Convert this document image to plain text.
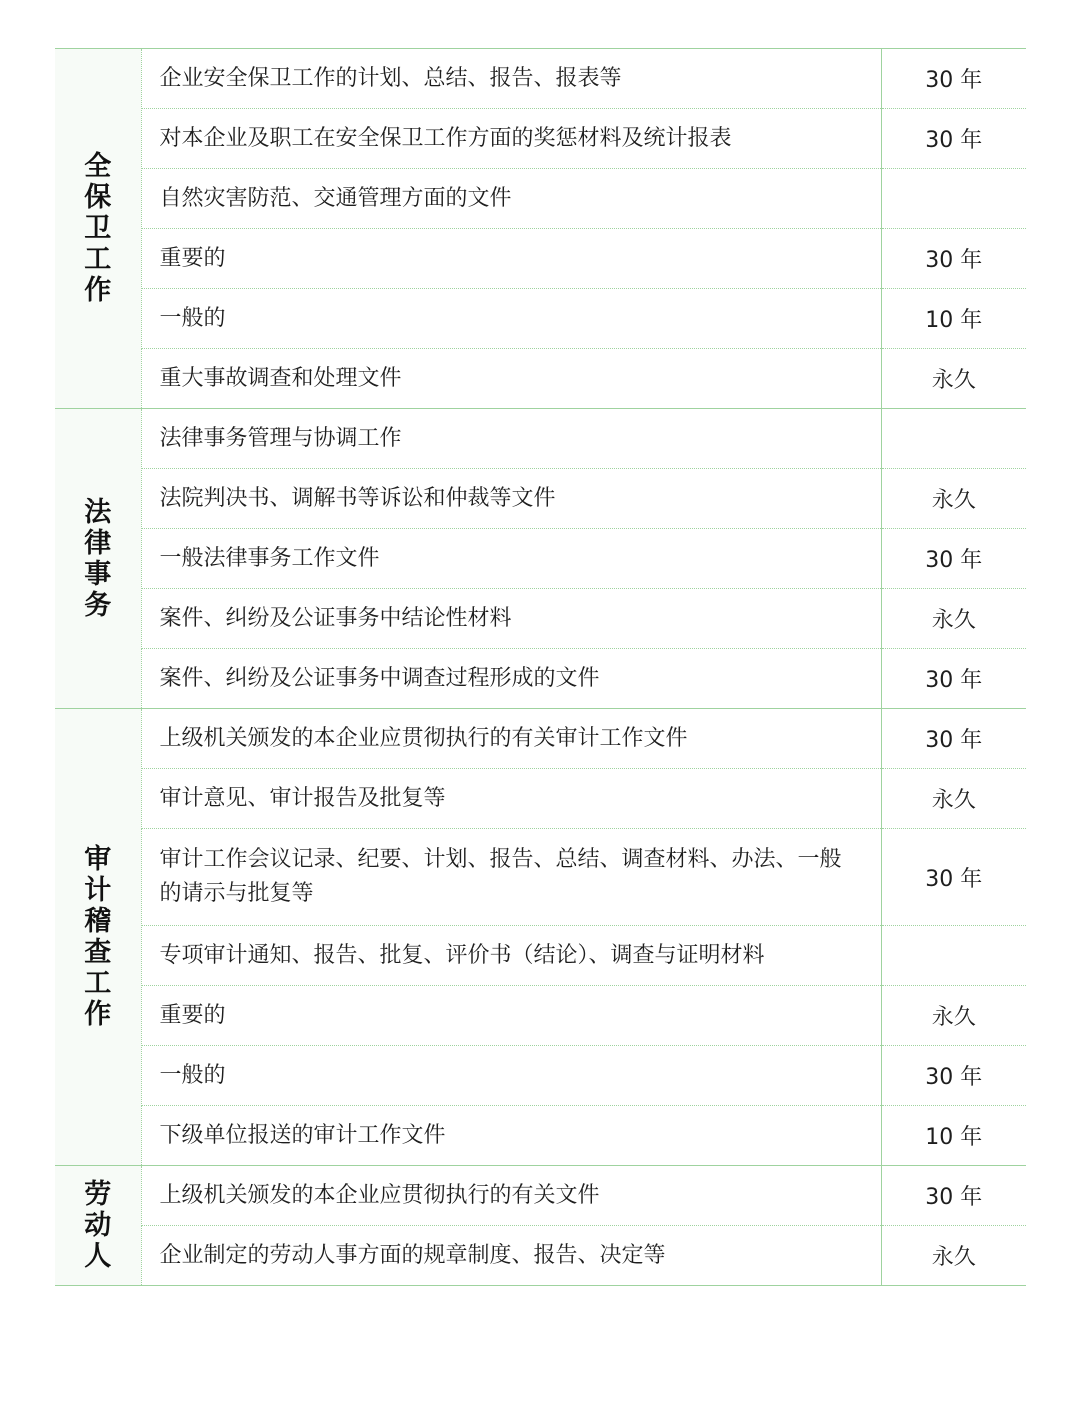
全保卫工作	企业安全保卫工作的计划、总结、报告、报表等	30 年
	对本企业及职工在安全保卫工作方面的奖惩材料及统计报表	30 年
	自然灾害防范、交通管理方面的文件	
	重要的	30 年
	一般的	10 年
	重大事故调查和处理文件	永久
法律事务	法律事务管理与协调工作	
	法院判决书、调解书等诉讼和仲裁等文件	永久
	一般法律事务工作文件	30 年
	案件、纠纷及公证事务中结论性材料	永久
	案件、纠纷及公证事务中调查过程形成的文件	30 年
审计稽查工作	上级机关颁发的本企业应贯彻执行的有关审计工作文件	30 年
	审计意见、审计报告及批复等	永久
	审计工作会议记录、纪要、计划、报告、总结、调查材料、办法、一般的请示与批复等	30 年
	专项审计通知、报告、批复、评价书（结论）、调查与证明材料	
	重要的	永久
	一般的	30 年
	下级单位报送的审计工作文件	10 年
劳动人	上级机关颁发的本企业应贯彻执行的有关文件	30 年
	企业制定的劳动人事方面的规章制度、报告、决定等	永久
